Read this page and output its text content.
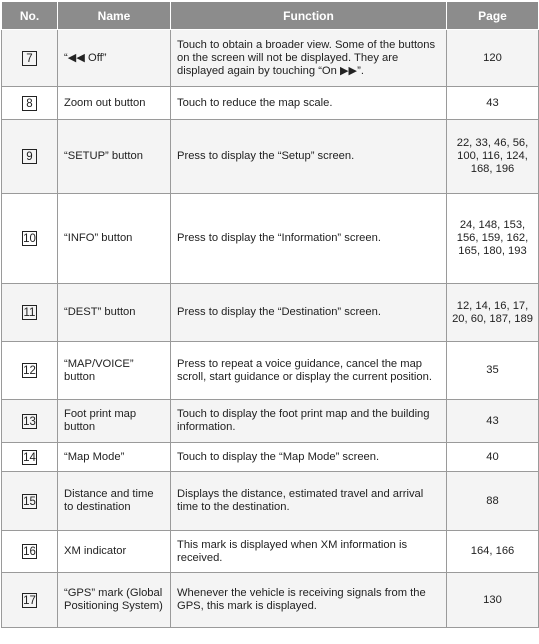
No.	Name	Function	Page
7	“◀◀ Off”	Touch to obtain a broader view. Some of the buttons on the screen will not be displayed. They are displayed again by touching “On ▶▶”.	120
8	Zoom out button	Touch to reduce the map scale.	43
9	“SETUP” button	Press to display the “Setup” screen.	22, 33, 46, 56, 100, 116, 124, 168, 196
10	“INFO” button	Press to display the “Information” screen.	24, 148, 153, 156, 159, 162, 165, 180, 193
11	“DEST” button	Press to display the “Destination” screen.	12, 14, 16, 17, 20, 60, 187, 189
12	“MAP/VOICE” button	Press to repeat a voice guidance, cancel the map scroll, start guidance or display the current position.	35
13	Foot print map button	Touch to display the foot print map and the building information.	43
14	“Map Mode”	Touch to display the “Map Mode” screen.	40
15	Distance and time to destination	Displays the distance, estimated travel and arrival time to the destination.	88
16	XM indicator	This mark is displayed when XM information is received.	164, 166
17	“GPS” mark (Global Positioning System)	Whenever the vehicle is receiving signals from the GPS, this mark is displayed.	130
